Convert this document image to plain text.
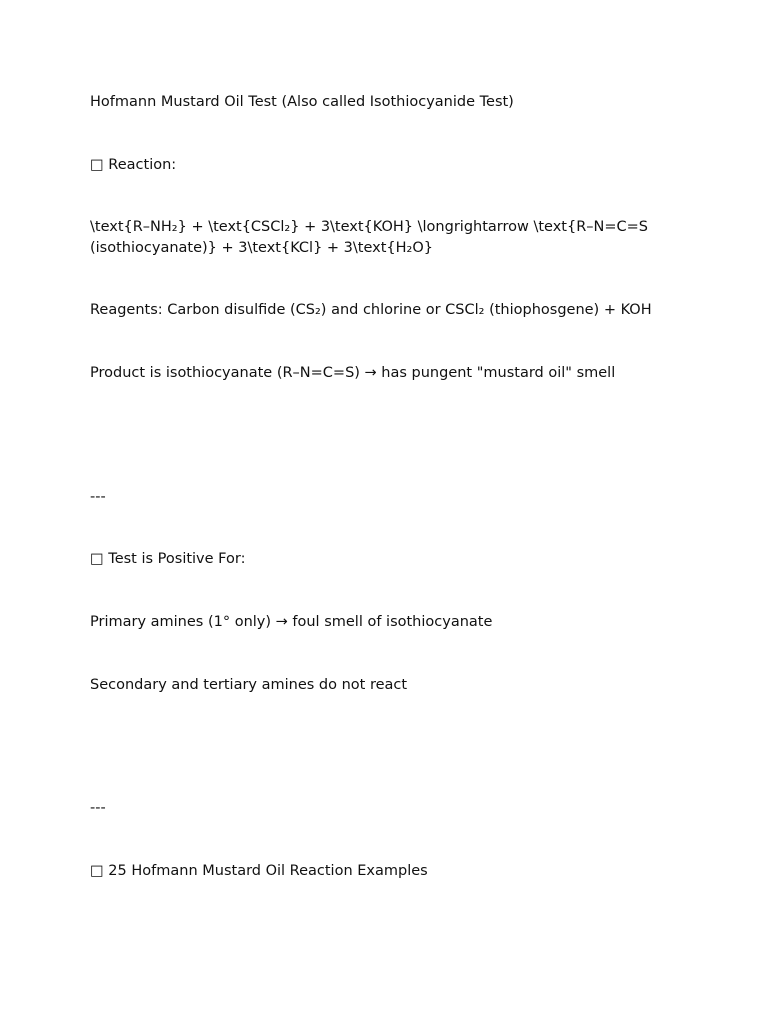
Hofmann Mustard Oil Test (Also called Isothiocyanide Test)

□ Reaction:

\text{R–NH₂} + \text{CSCl₂} + 3\text{KOH} \longrightarrow \text{R–N=C=S (isothiocyanate)} + 3\text{KCl} + 3\text{H₂O}

Reagents: Carbon disulfide (CS₂) and chlorine or CSCl₂ (thiophosgene) + KOH

Product is isothiocyanate (R–N=C=S) → has pungent "mustard oil" smell

---

□ Test is Positive For:

Primary amines (1° only) → foul smell of isothiocyanate

Secondary and tertiary amines do not react

---

□ 25 Hofmann Mustard Oil Reaction Examples
